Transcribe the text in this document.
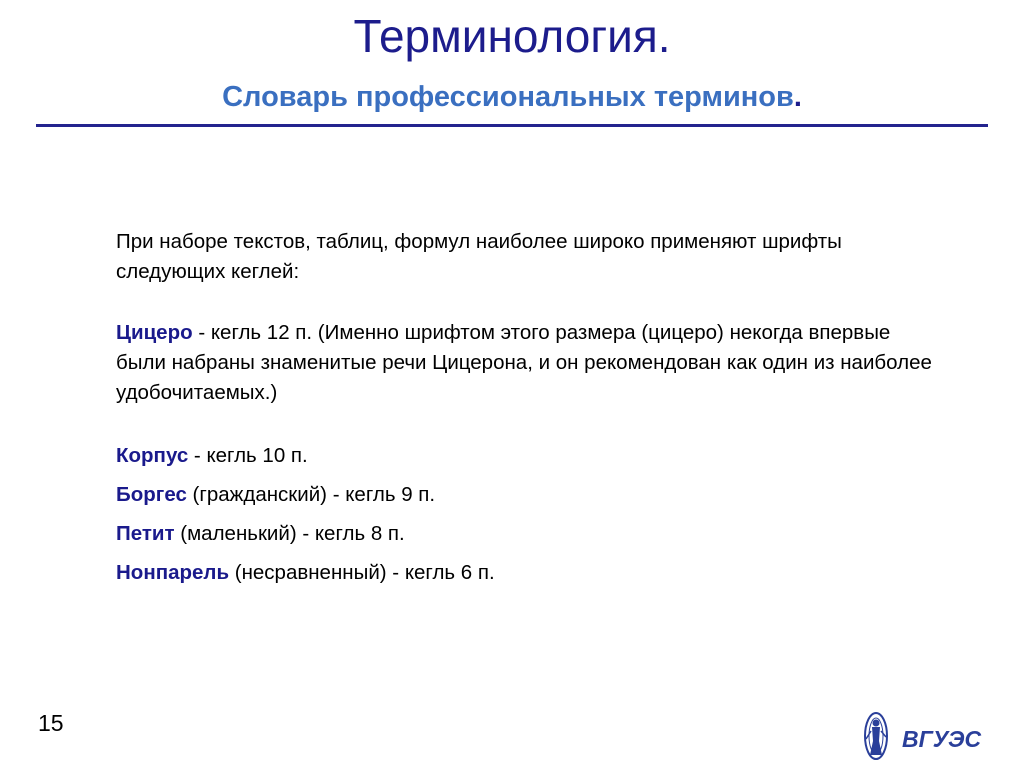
Терминология.
Словарь профессиональных терминов.

При наборе текстов, таблиц, формул наиболее широко применяют шрифты следующих кеглей:

Цицеро - кегль 12 п. (Именно шрифтом этого размера (цицеро) некогда впервые были набраны знаменитые речи Цицерона, и он рекомендован как один из наиболее удобочитаемых.)

Корпус - кегль 10 п.
Боргес (гражданский) - кегль 9 п.
Петит (маленький) - кегль 8 п.
Нонпарель (несравненный) - кегль 6 п.
15
ВГУЭС
